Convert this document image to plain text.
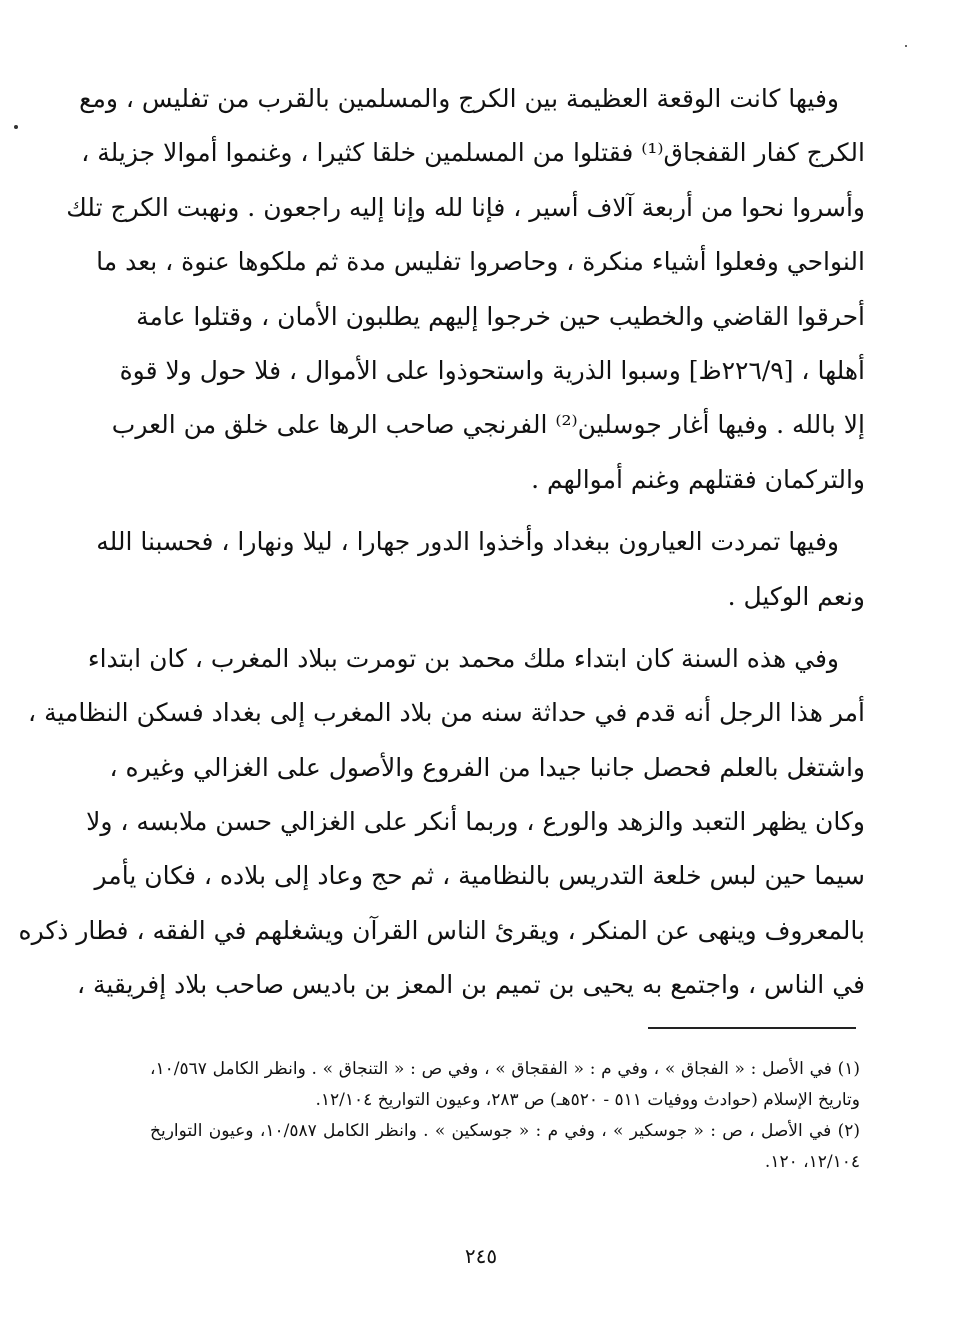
وفيها كانت الوقعة العظيمة بين الكرج والمسلمين بالقرب من تفليس ، ومع
الكرج كفار القفجاق⁽¹⁾ فقتلوا من المسلمين خلقا كثيرا ، وغنموا أموالا جزيلة ،
وأسروا نحوا من أربعة آلاف أسير ، فإنا لله وإنا إليه راجعون . ونهبت الكرج تلك
النواحي وفعلوا أشياء منكرة ، وحاصروا تفليس مدة ثم ملكوها عنوة ، بعد ما
أحرقوا القاضي والخطيب حين خرجوا إليهم يطلبون الأمان ، وقتلوا عامة
أهلها ، [٢٢٦/٩ظ] وسبوا الذرية واستحوذوا على الأموال ، فلا حول ولا قوة
إلا بالله . وفيها أغار جوسلين⁽²⁾ الفرنجي صاحب الرها على خلق من العرب
والتركمان فقتلهم وغنم أموالهم .
وفيها تمردت العيارون ببغداد وأخذوا الدور جهارا ، ليلا ونهارا ، فحسبنا الله
ونعم الوكيل .
وفي هذه السنة كان ابتداء ملك محمد بن تومرت ببلاد المغرب ، كان ابتداء
أمر هذا الرجل أنه قدم في حداثة سنه من بلاد المغرب إلى بغداد فسكن النظامية ،
واشتغل بالعلم فحصل جانبا جيدا من الفروع والأصول على الغزالي وغيره ،
وكان يظهر التعبد والزهد والورع ، وربما أنكر على الغزالي حسن ملابسه ، ولا
سيما حين لبس خلعة التدريس بالنظامية ، ثم حج وعاد إلى بلاده ، فكان يأمر
بالمعروف وينهى عن المنكر ، ويقرئ الناس القرآن ويشغلهم في الفقه ، فطار ذكره
في الناس ، واجتمع به يحيى بن تميم بن المعز بن باديس صاحب بلاد إفريقية ،
(١) في الأصل : « الفجاق » ، وفي م : « الفقجاق » ، وفي ص : « التنجاق » . وانظر الكامل ١٠/٥٦٧،
وتاريخ الإسلام (حوادث ووفيات ٥١١ - ٥٢٠هـ) ص ٢٨٣، وعيون التواريخ ١٢/١٠٤.
(٢) في الأصل ، ص : « جوسكير » ، وفي م : « جوسكين » . وانظر الكامل ١٠/٥٨٧، وعيون التواريخ
١٢/١٠٤، ١٢٠.
٢٤٥
